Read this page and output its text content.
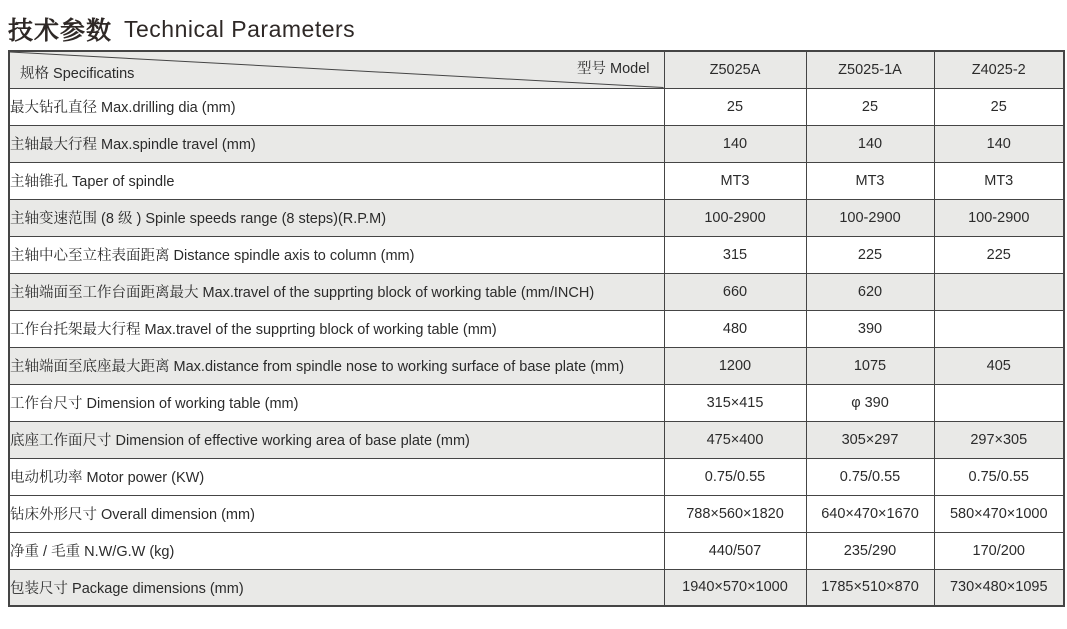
技术参数 Technical Parameters
规格 Specificatins 型号 Model	Z5025A	Z5025-1A	Z4025-2
最大钻孔直径 Max.drilling dia (mm)	25	25	25
主轴最大行程 Max.spindle travel (mm)	140	140	140
主轴锥孔 Taper of spindle	MT3	MT3	MT3
主轴变速范围 (8 级 ) Spinle speeds range (8 steps)(R.P.M)	100-2900	100-2900	100-2900
主轴中心至立柱表面距离 Distance spindle axis to column (mm)	315	225	225
主轴端面至工作台面距离最大 Max.travel of the supprting block of working table (mm/INCH)	660	620	
工作台托架最大行程 Max.travel of the supprting block of working table (mm)	480	390	
主轴端面至底座最大距离 Max.distance from spindle nose to working surface of base plate (mm)	1200	1075	405
工作台尺寸 Dimension of working table (mm)	315×415	φ 390	
底座工作面尺寸 Dimension of effective working area of base plate (mm)	475×400	305×297	297×305
电动机功率 Motor power (KW)	0.75/0.55	0.75/0.55	0.75/0.55
钻床外形尺寸 Overall dimension (mm)	788×560×1820	640×470×1670	580×470×1000
净重 / 毛重 N.W/G.W (kg)	440/507	235/290	170/200
包装尺寸 Package dimensions (mm)	1940×570×1000	1785×510×870	730×480×1095
